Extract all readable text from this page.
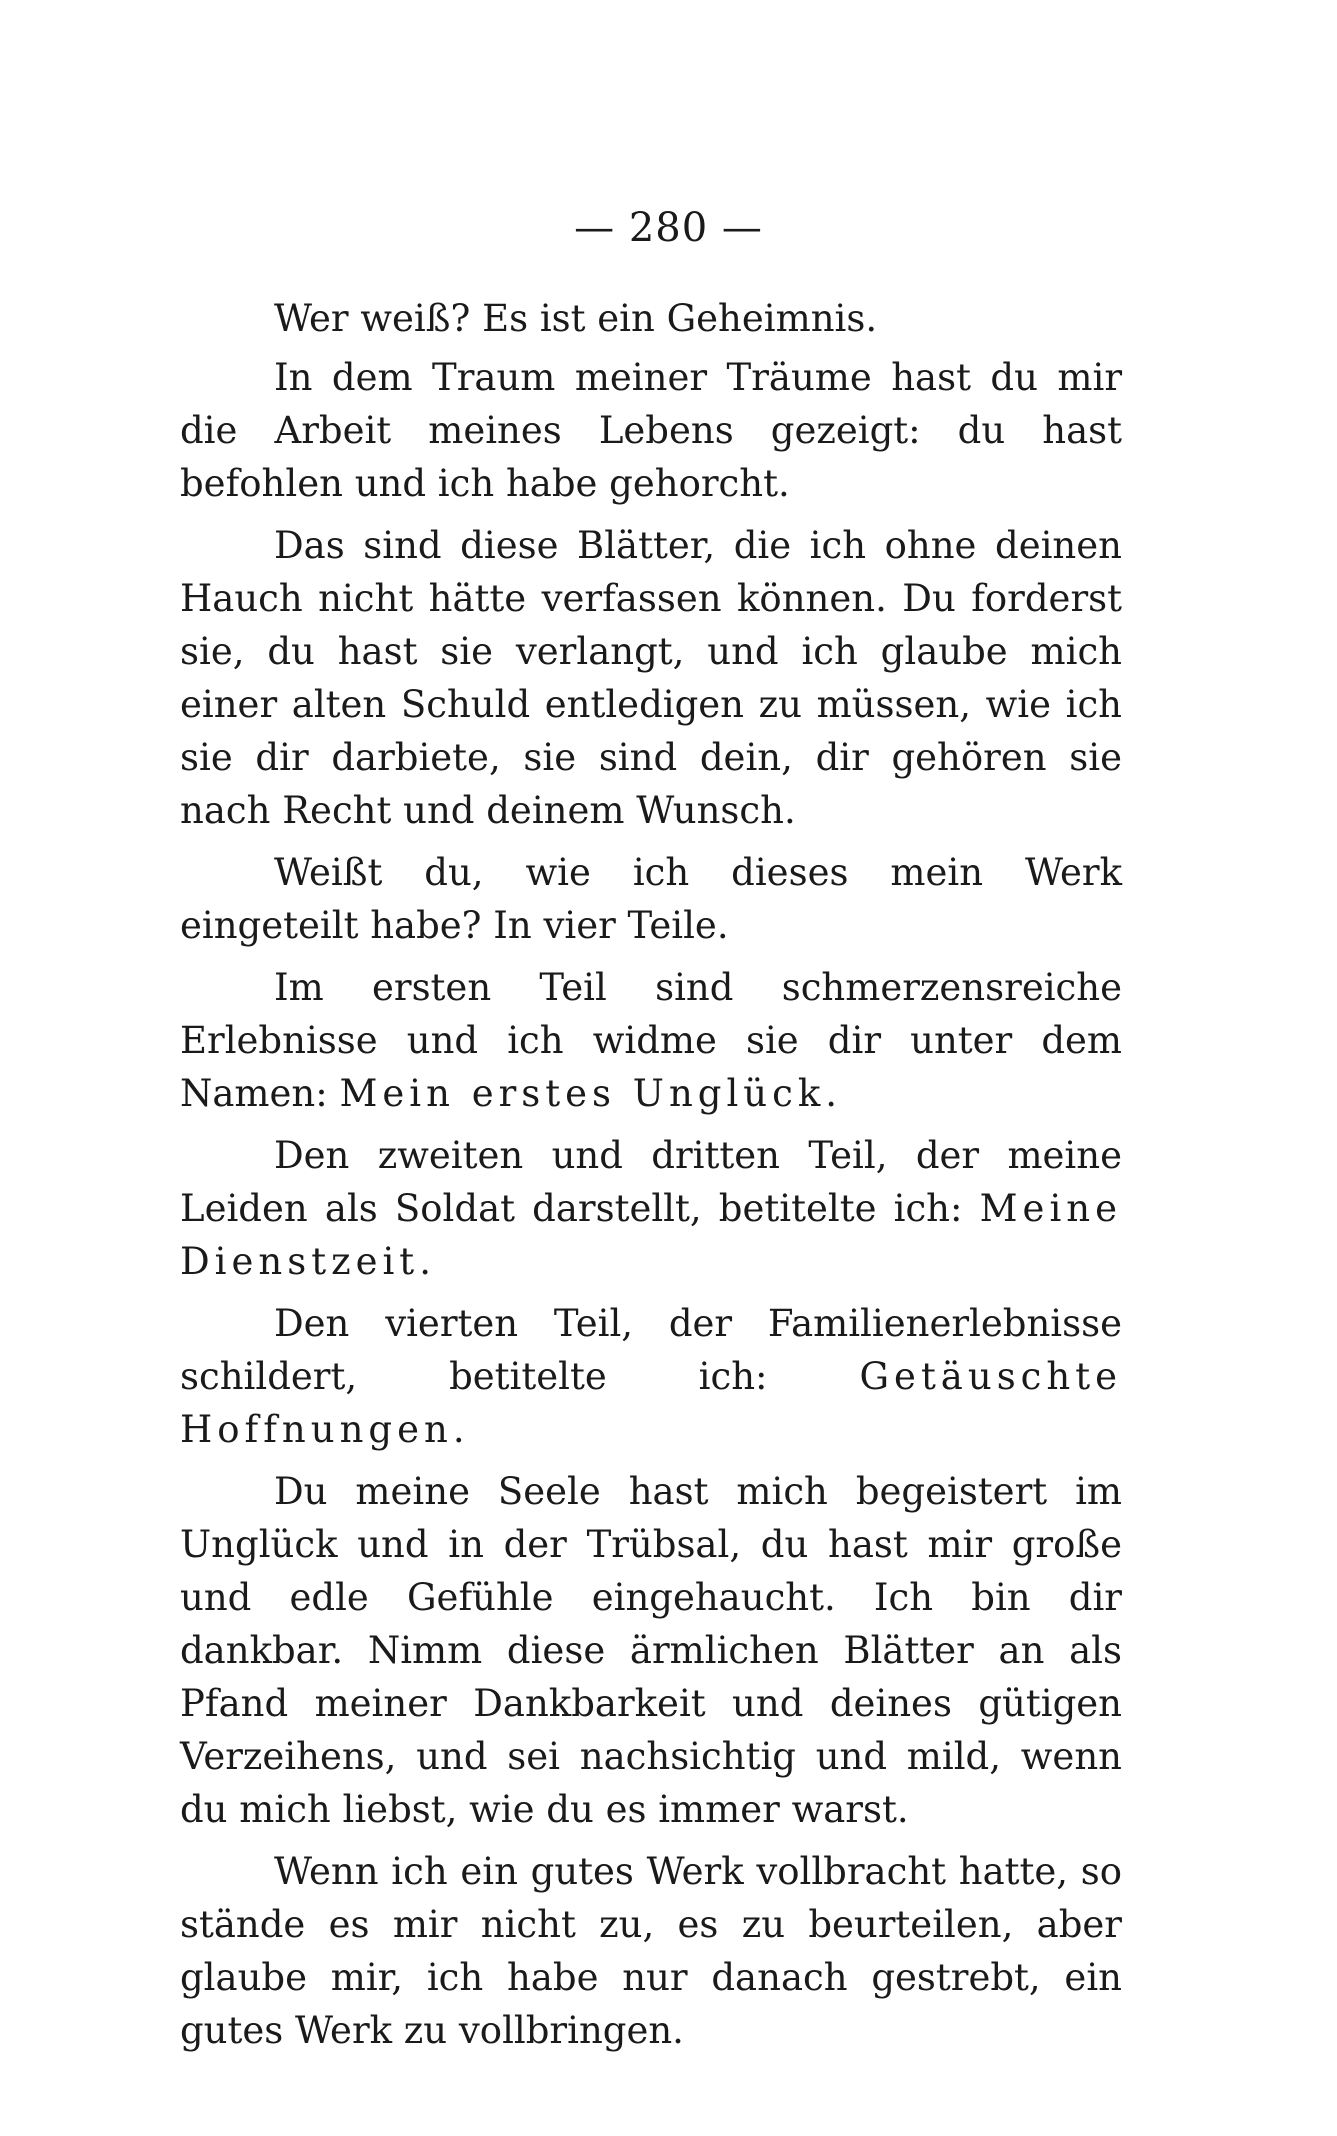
— 280 —

Wer weiß? Es ist ein Geheimnis.

In dem Traum meiner Träume hast du mir die Arbeit meines Lebens gezeigt: du hast befohlen und ich habe gehorcht.

Das sind diese Blätter, die ich ohne deinen Hauch nicht hätte verfassen können. Du forderst sie, du hast sie verlangt, und ich glaube mich einer alten Schuld entledigen zu müssen, wie ich sie dir darbiete, sie sind dein, dir gehören sie nach Recht und deinem Wunsch.

Weißt du, wie ich dieses mein Werk eingeteilt habe? In vier Teile.

Im ersten Teil sind schmerzensreiche Erlebnisse und ich widme sie dir unter dem Namen: Mein erstes Unglück.

Den zweiten und dritten Teil, der meine Leiden als Soldat darstellt, betitelte ich: Meine Dienstzeit.

Den vierten Teil, der Familienerlebnisse schildert, betitelte ich: Getäuschte Hoffnungen.

Du meine Seele hast mich begeistert im Unglück und in der Trübsal, du hast mir große und edle Gefühle eingehaucht. Ich bin dir dankbar. Nimm diese ärmlichen Blätter an als Pfand meiner Dankbarkeit und deines gütigen Verzeihens, und sei nachsichtig und mild, wenn du mich liebst, wie du es immer warst.

Wenn ich ein gutes Werk vollbracht hatte, so stände es mir nicht zu, es zu beurteilen, aber glaube mir, ich habe nur danach gestrebt, ein gutes Werk zu vollbringen.
